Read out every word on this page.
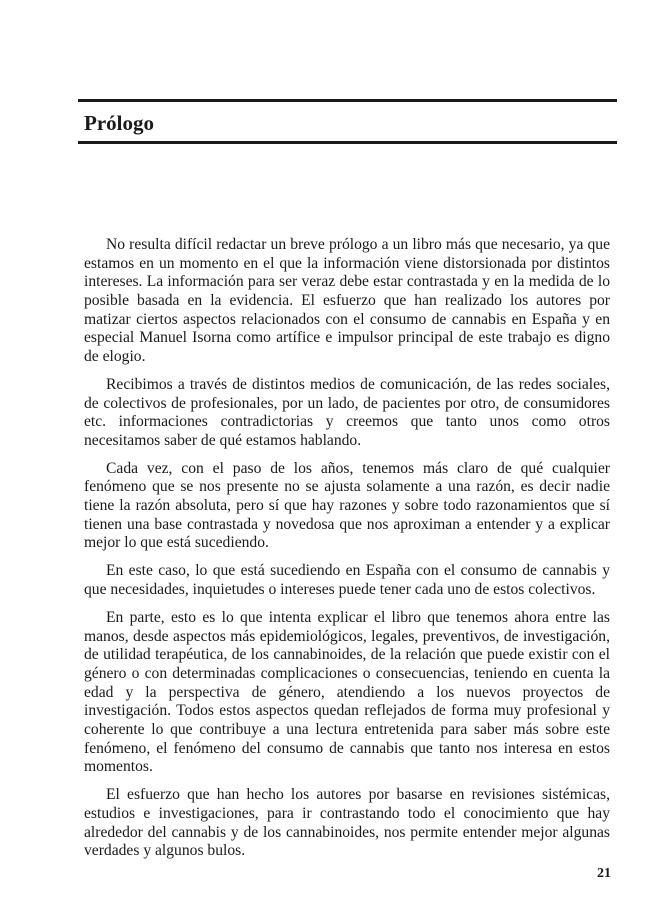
Prólogo

No resulta difícil redactar un breve prólogo a un libro más que necesario, ya que estamos en un momento en el que la información viene distorsionada por distintos intereses. La información para ser veraz debe estar contrastada y en la medida de lo posible basada en la evidencia. El esfuerzo que han realizado los autores por matizar ciertos aspectos relacionados con el consumo de cannabis en España y en especial Manuel Isorna como artífice e impulsor principal de este trabajo es digno de elogio.

Recibimos a través de distintos medios de comunicación, de las redes sociales, de colectivos de profesionales, por un lado, de pacientes por otro, de consumidores etc. informaciones contradictorias y creemos que tanto unos como otros necesitamos saber de qué estamos hablando.

Cada vez, con el paso de los años, tenemos más claro de qué cualquier fenómeno que se nos presente no se ajusta solamente a una razón, es decir nadie tiene la razón absoluta, pero sí que hay razones y sobre todo razonamientos que sí tienen una base contrastada y novedosa que nos aproximan a entender y a explicar mejor lo que está sucediendo.

En este caso, lo que está sucediendo en España con el consumo de cannabis y que necesidades, inquietudes o intereses puede tener cada uno de estos colectivos.

En parte, esto es lo que intenta explicar el libro que tenemos ahora entre las manos, desde aspectos más epidemiológicos, legales, preventivos, de investigación, de utilidad terapéutica, de los cannabinoides, de la relación que puede existir con el género o con determinadas complicaciones o consecuencias, teniendo en cuenta la edad y la perspectiva de género, atendiendo a los nuevos proyectos de investigación. Todos estos aspectos quedan reflejados de forma muy profesional y coherente lo que contribuye a una lectura entretenida para saber más sobre este fenómeno, el fenómeno del consumo de cannabis que tanto nos interesa en estos momentos.

El esfuerzo que han hecho los autores por basarse en revisiones sistémicas, estudios e investigaciones, para ir contrastando todo el conocimiento que hay alrededor del cannabis y de los cannabinoides, nos permite entender mejor algunas verdades y algunos bulos.

21
